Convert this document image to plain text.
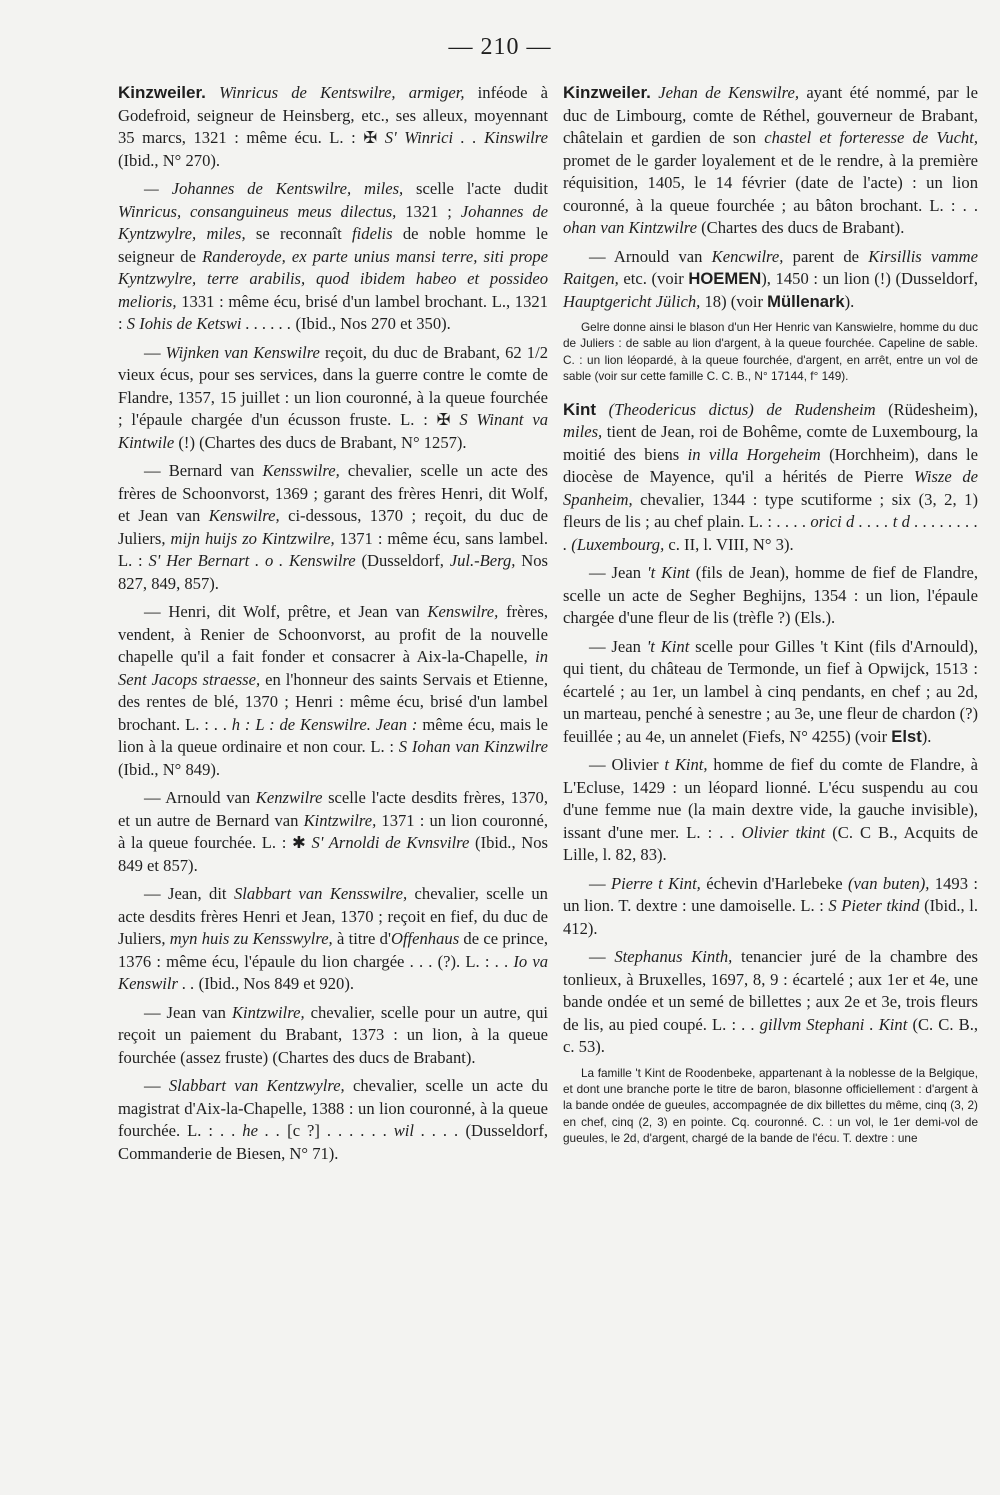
— 210 —

Kinzweiler. Winricus de Kentswilre, armiger, inféode à Godefroid, seigneur de Heinsberg, etc., ses alleux, moyennant 35 marcs, 1321 : même écu. L. : ✠ S' Winrici . . Kinswilre (Ibid., N° 270).

— Johannes de Kentswilre, miles, scelle l'acte dudit Winricus, consanguineus meus dilectus, 1321 ; Johannes de Kyntzwylre, miles, se reconnaît fidelis de noble homme le seigneur de Randeroyde, ex parte unius mansi terre, siti prope Kyntzwylre, terre arabilis, quod ibidem habeo et possideo melioris, 1331 : même écu, brisé d'un lambel brochant. L., 1321 : S Iohis de Ketswi . . . . . . (Ibid., Nos 270 et 350).

— Wijnken van Kenswilre reçoit, du duc de Brabant, 62 1/2 vieux écus, pour ses services, dans la guerre contre le comte de Flandre, 1357, 15 juillet : un lion couronné, à la queue fourchée ; l'épaule chargée d'un écusson fruste. L. : ✠ S Winant va Kintwile (!) (Chartes des ducs de Brabant, N° 1257).

— Bernard van Kensswilre, chevalier, scelle un acte des frères de Schoonvorst, 1369 ; garant des frères Henri, dit Wolf, et Jean van Kenswilre, ci-dessous, 1370 ; reçoit, du duc de Juliers, mijn huijs zo Kintzwilre, 1371 : même écu, sans lambel. L. : S' Her Bernart . o . Kenswilre (Dusseldorf, Jul.-Berg, Nos 827, 849, 857).

— Henri, dit Wolf, prêtre, et Jean van Kenswilre, frères, vendent, à Renier de Schoonvorst, au profit de la nouvelle chapelle qu'il a fait fonder et consacrer à Aix-la-Chapelle, in Sent Jacops straesse, en l'honneur des saints Servais et Etienne, des rentes de blé, 1370 ; Henri : même écu, brisé d'un lambel brochant. L. : . . h : L : de Kenswilre. Jean : même écu, mais le lion à la queue ordinaire et non cour. L. : S Iohan van Kinzwilre (Ibid., N° 849).

— Arnould van Kenzwilre scelle l'acte desdits frères, 1370, et un autre de Bernard van Kintzwilre, 1371 : un lion couronné, à la queue fourchée. L. : ✱ S' Arnoldi de Kvnsvilre (Ibid., Nos 849 et 857).

— Jean, dit Slabbart van Kensswilre, chevalier, scelle un acte desdits frères Henri et Jean, 1370 ; reçoit en fief, du duc de Juliers, myn huis zu Kensswylre, à titre d'Offenhaus de ce prince, 1376 : même écu, l'épaule du lion chargée . . . (?). L. : . . Io va Kenswilr . . (Ibid., Nos 849 et 920).

— Jean van Kintzwilre, chevalier, scelle pour un autre, qui reçoit un paiement du Brabant, 1373 : un lion, à la queue fourchée (assez fruste) (Chartes des ducs de Brabant).

— Slabbart van Kentzwylre, chevalier, scelle un acte du magistrat d'Aix-la-Chapelle, 1388 : un lion couronné, à la queue fourchée. L. : . . he . . [c ?] . . . . . . wil . . . . (Dusseldorf, Commanderie de Biesen, N° 71).

Kinzweiler. Jehan de Kenswilre, ayant été nommé, par le duc de Limbourg, comte de Réthel, gouverneur de Brabant, châtelain et gardien de son chastel et forteresse de Vucht, promet de le garder loyalement et de le rendre, à la première réquisition, 1405, le 14 février (date de l'acte) : un lion couronné, à la queue fourchée ; au bâton brochant. L. : . . ohan van Kintzwilre (Chartes des ducs de Brabant).

— Arnould van Kencwilre, parent de Kirsillis vamme Raitgen, etc. (voir HOEMEN), 1450 : un lion (!) (Dusseldorf, Hauptgericht Jülich, 18) (voir Müllenark).

Gelre donne ainsi le blason d'un Her Henric van Kanswielre, homme du duc de Juliers : de sable au lion d'argent, à la queue fourchée. Capeline de sable. C. : un lion léopardé, à la queue fourchée, d'argent, en arrêt, entre un vol de sable (voir sur cette famille C. C. B., N° 17144, f° 149).

Kint (Theodericus dictus) de Rudensheim (Rüdesheim), miles, tient de Jean, roi de Bohême, comte de Luxembourg, la moitié des biens in villa Horgeheim (Horchheim), dans le diocèse de Mayence, qu'il a hérités de Pierre Wisze de Spanheim, chevalier, 1344 : type scutiforme ; six (3, 2, 1) fleurs de lis ; au chef plain. L. : . . . . orici d . . . . t d . . . . . . . . . (Luxembourg, c. II, l. VIII, N° 3).

— Jean 't Kint (fils de Jean), homme de fief de Flandre, scelle un acte de Segher Beghijns, 1354 : un lion, l'épaule chargée d'une fleur de lis (trèfle ?) (Els.).

— Jean 't Kint scelle pour Gilles 't Kint (fils d'Arnould), qui tient, du château de Termonde, un fief à Opwijck, 1513 : écartelé ; au 1er, un lambel à cinq pendants, en chef ; au 2d, un marteau, penché à senestre ; au 3e, une fleur de chardon (?) feuillée ; au 4e, un annelet (Fiefs, N° 4255) (voir Elst).

— Olivier t Kint, homme de fief du comte de Flandre, à L'Ecluse, 1429 : un léopard lionné. L'écu suspendu au cou d'une femme nue (la main dextre vide, la gauche invisible), issant d'une mer. L. : . . Olivier tkint (C. C B., Acquits de Lille, l. 82, 83).

— Pierre t Kint, échevin d'Harlebeke (van buten), 1493 : un lion. T. dextre : une damoiselle. L. : S Pieter tkind (Ibid., l. 412).

— Stephanus Kinth, tenancier juré de la chambre des tonlieux, à Bruxelles, 1697, 8, 9 : écartelé ; aux 1er et 4e, une bande ondée et un semé de billettes ; aux 2e et 3e, trois fleurs de lis, au pied coupé. L. : . . gillvm Stephani . Kint (C. C. B., c. 53).

La famille 't Kint de Roodenbeke, appartenant à la noblesse de la Belgique, et dont une branche porte le titre de baron, blasonne officiellement : d'argent à la bande ondée de gueules, accompagnée de dix billettes du même, cinq (3, 2) en chef, cinq (2, 3) en pointe. Cq. couronné. C. : un vol, le 1er demi-vol de gueules, le 2d, d'argent, chargé de la bande de l'écu. T. dextre : une
